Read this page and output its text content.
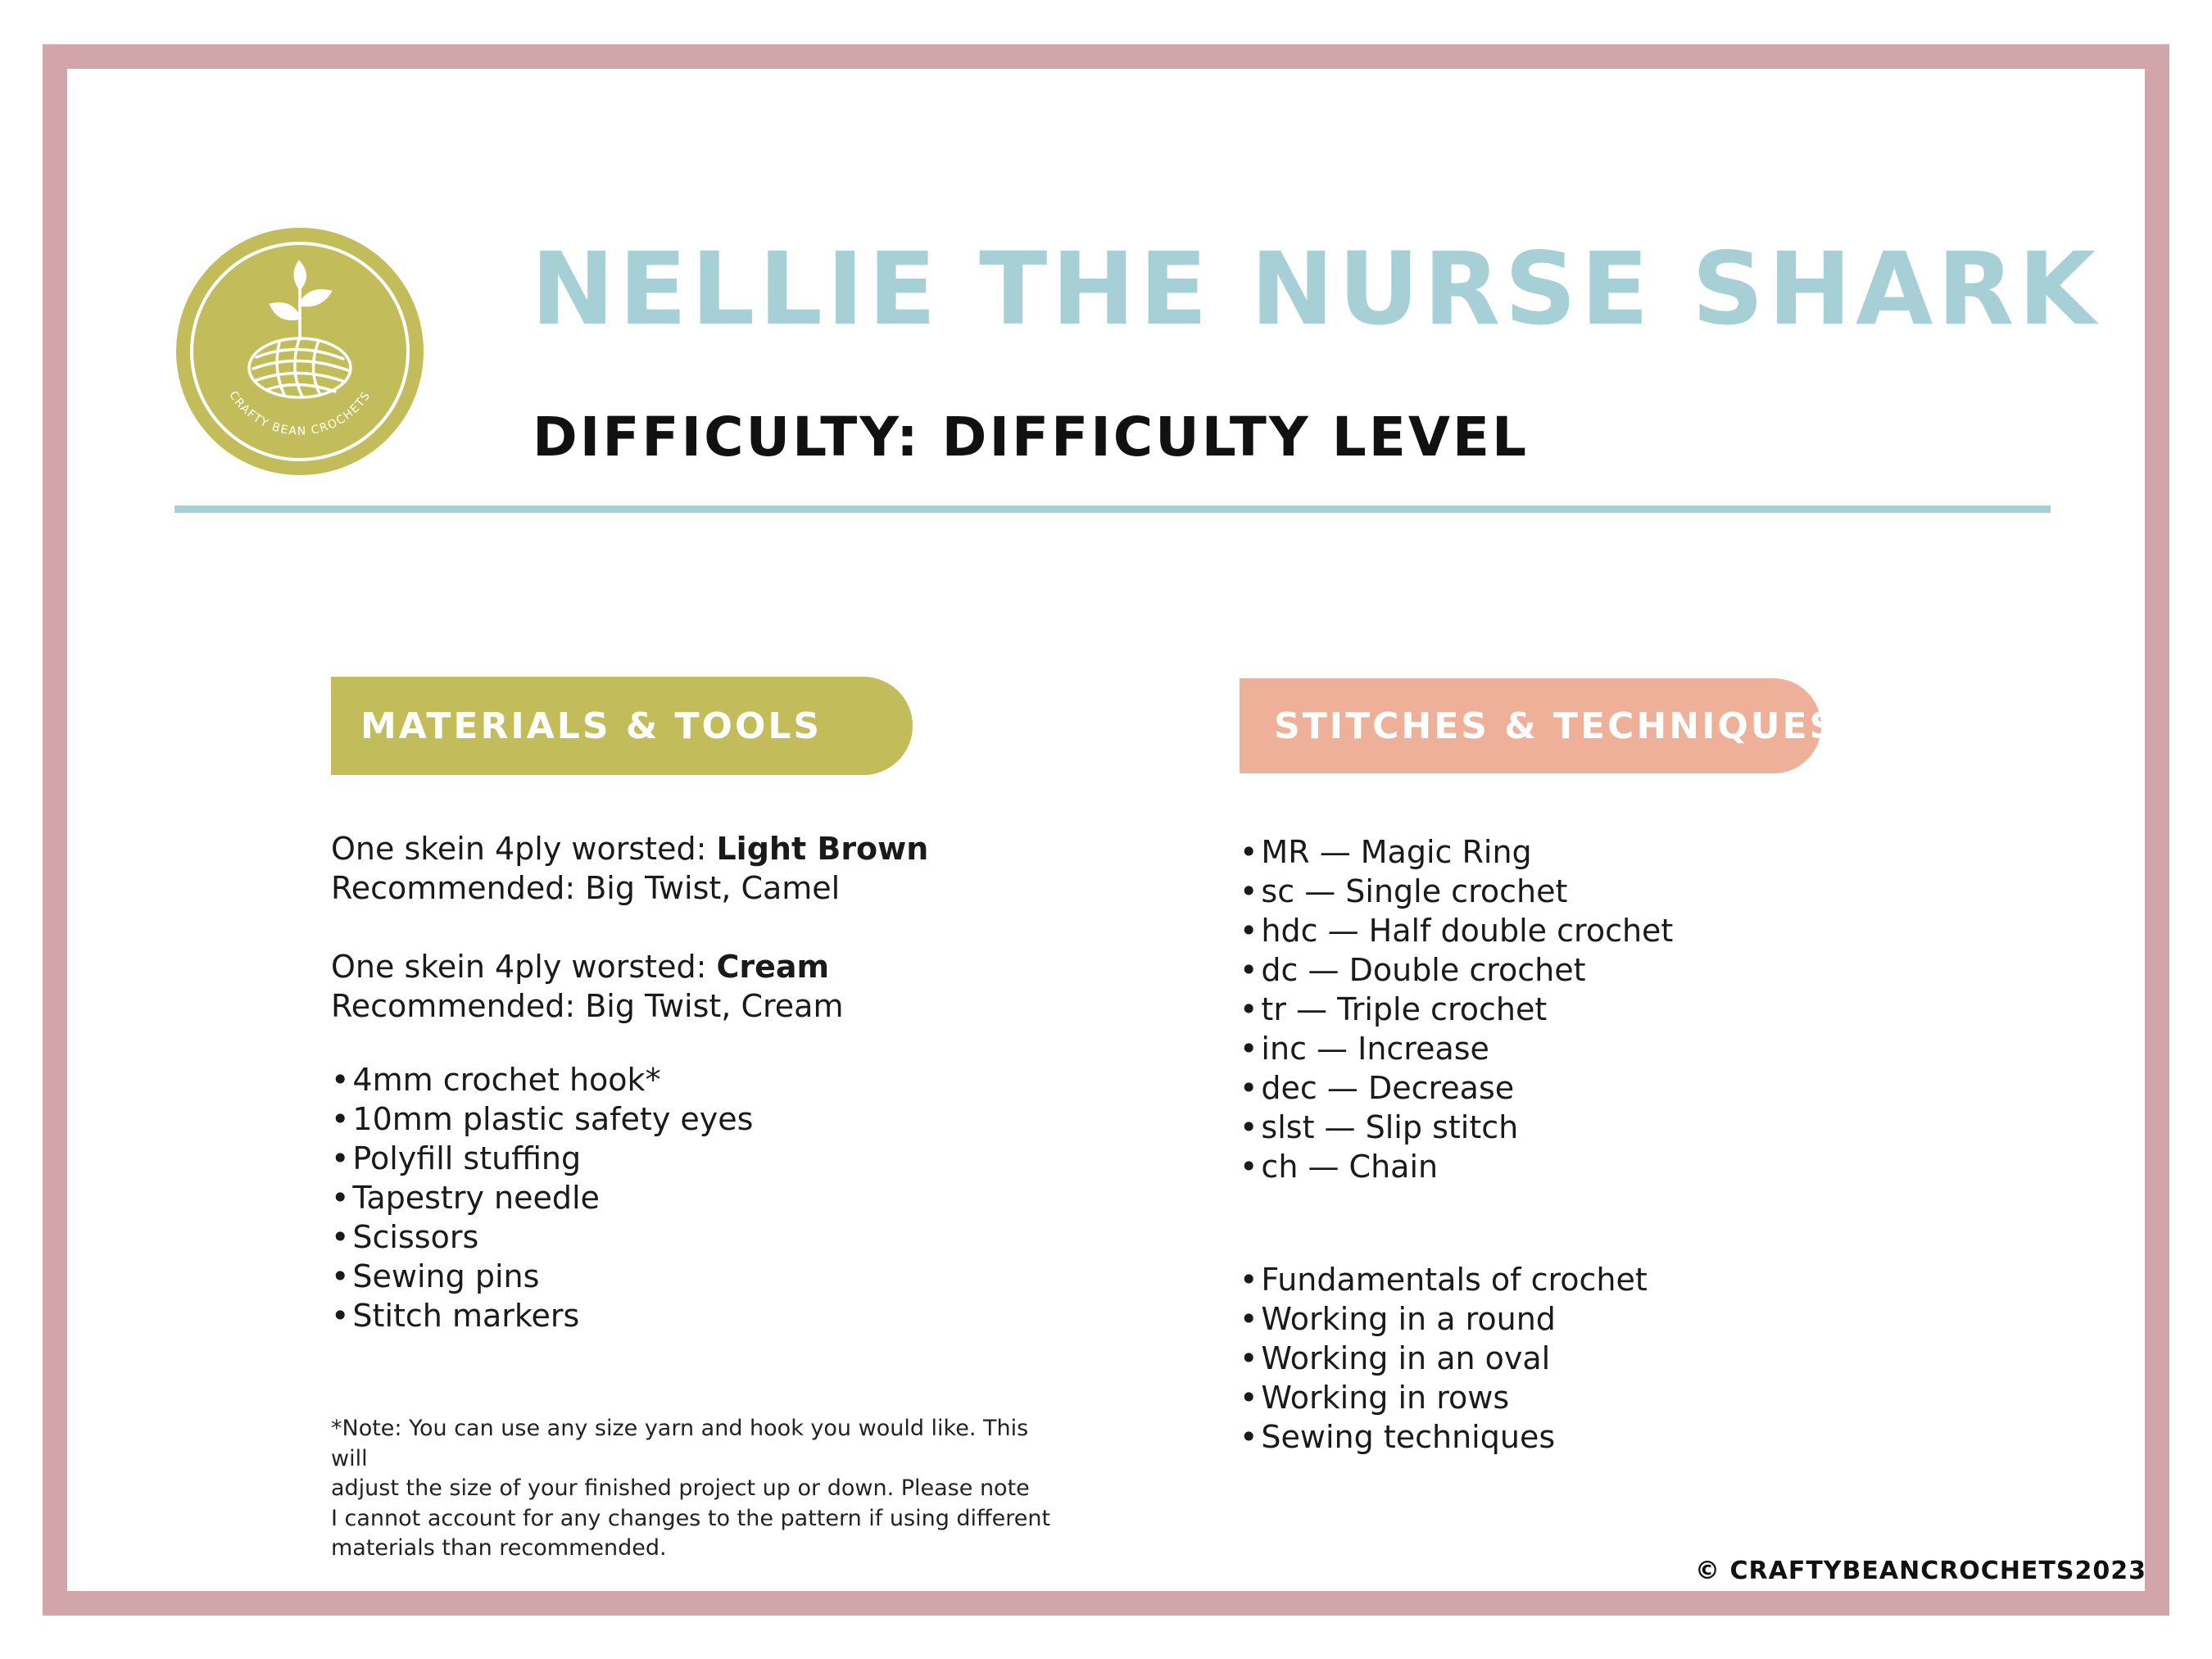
CRAFTY BEAN CROCHETS
NELLIE THE NURSE SHARK
DIFFICULTY: DIFFICULTY LEVEL
MATERIALS & TOOLS	STITCHES & TECHNIQUES
One skein 4ply worsted: Light Brown
Recommended: Big Twist, Camel
One skein 4ply worsted: Cream
Recommended: Big Twist, Cream
• 4mm crochet hook*
• 10mm plastic safety eyes
• Polyfill stuffing
• Tapestry needle
• Scissors
• Sewing pins
• Stitch markers
*Note: You can use any size yarn and hook you would like. This will
adjust the size of your finished project up or down. Please note
I cannot account for any changes to the pattern if using different
materials than recommended.
• MR — Magic Ring
• sc — Single crochet
• hdc — Half double crochet
• dc — Double crochet
• tr — Triple crochet
• inc — Increase
• dec — Decrease
• slst — Slip stitch
• ch — Chain
• Fundamentals of crochet
• Working in a round
• Working in an oval
• Working in rows
• Sewing techniques
© CRAFTYBEANCROCHETS2023
